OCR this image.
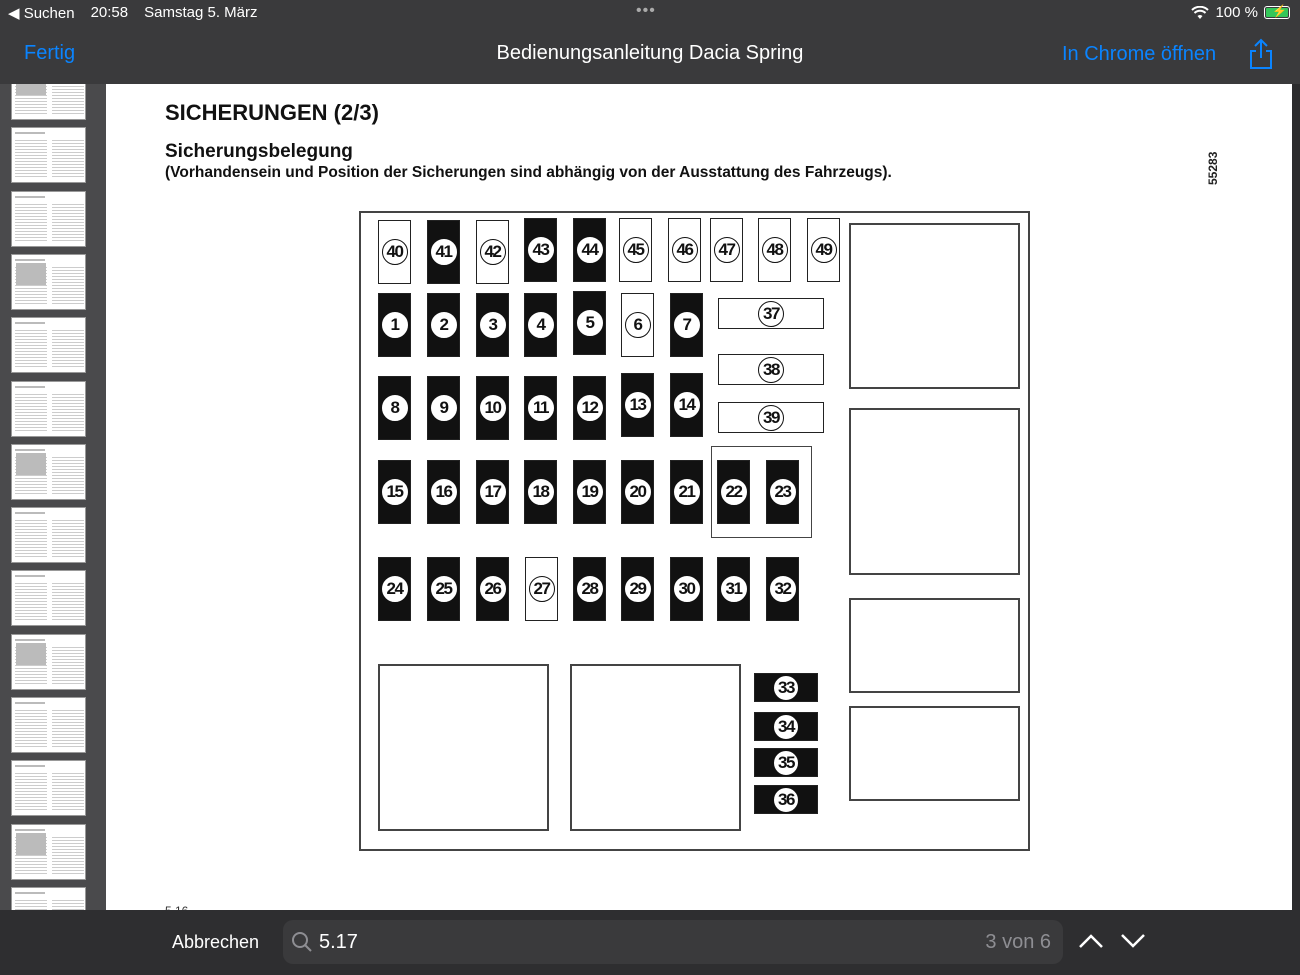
◀ Suchen 20:58 Samstag 5. März	•••	100 % ⚡
Fertig	Bedienungsanleitung Dacia Spring	In Chrome öffnen
SICHERUNGEN (2/3)
Sicherungsbelegung
(Vorhandensein und Position der Sicherungen sind abhängig von der Ausstattung des Fahrzeugs).	55283
40 41 42 43 44 45 46 47 48 49
1	2	3	4	5	6	7
37
38
39
8	9	10	11	12 13 14
15 16 17 18 19 20 21 22 23
24 25 26 27 28 29 30 31 32
33
34
35
36
Abbrechen	5.17	3 von 6
